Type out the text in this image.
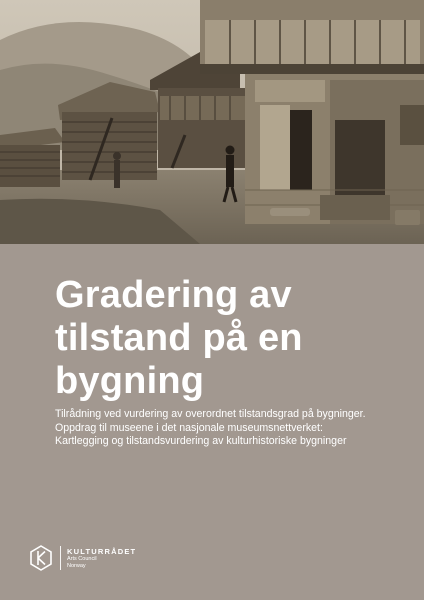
Gradering av
tilstand på en
bygning

Tilrådning ved vurdering av overordnet tilstandsgrad på bygninger.
Oppdrag til museene i det nasjonale museumsnettverket:
Kartlegging og tilstandsvurdering av kulturhistoriske bygninger

KULTURRÅDET
Arts Council
Norway
